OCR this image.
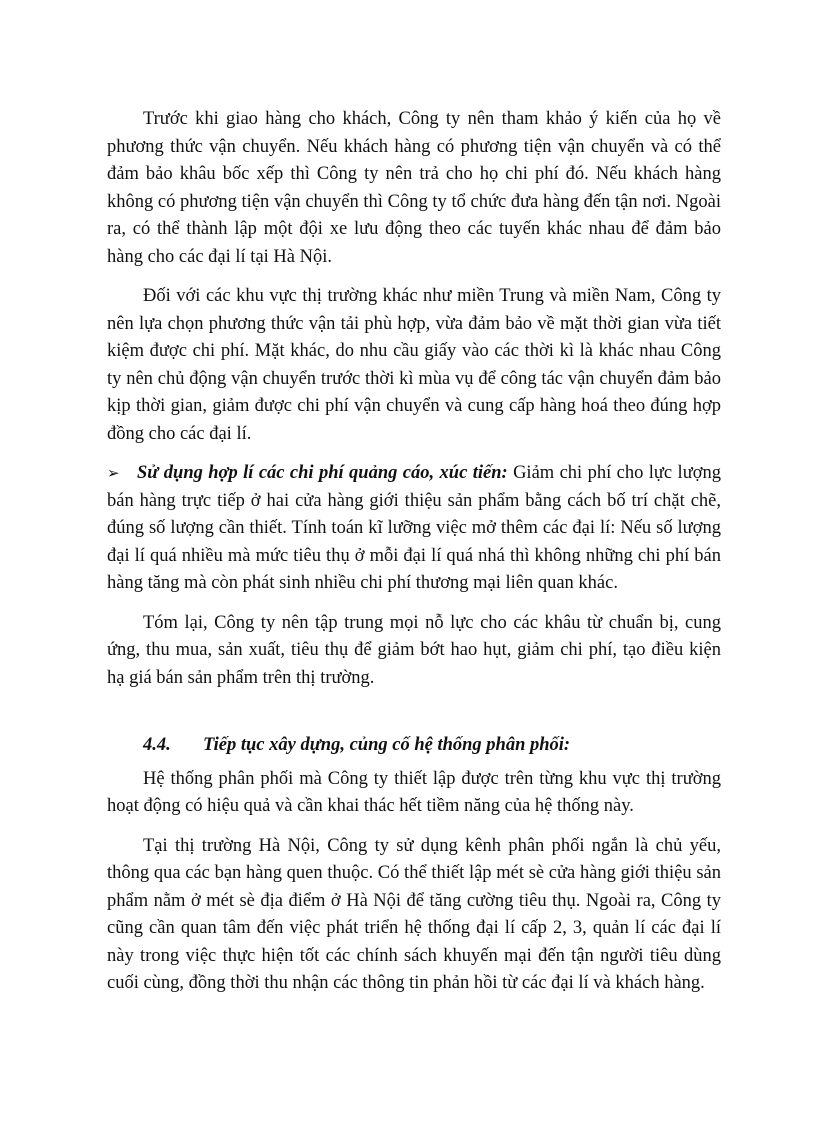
Trước khi giao hàng cho khách, Công ty nên tham khảo ý kiến của họ về phương thức vận chuyển. Nếu khách hàng có phương tiện vận chuyển và có thể đảm bảo khâu bốc xếp thì Công ty nên trả cho họ chi phí đó. Nếu khách hàng không có phương tiện vận chuyển thì Công ty tổ chức đưa hàng đến tận nơi. Ngoài ra, có thể thành lập một đội xe lưu động theo các tuyến khác nhau để đảm bảo hàng cho các đại lí tại Hà Nội.

Đối với các khu vực thị trường khác như miền Trung và miền Nam, Công ty nên lựa chọn phương thức vận tải phù hợp, vừa đảm bảo về mặt thời gian vừa tiết kiệm được chi phí. Mặt khác, do nhu cầu giấy vào các thời kì là khác nhau Công ty nên chủ động vận chuyển trước thời kì mùa vụ để công tác vận chuyển đảm bảo kịp thời gian, giảm được chi phí vận chuyển và cung cấp hàng hoá theo đúng hợp đồng cho các đại lí.

➢ Sử dụng hợp lí các chi phí quảng cáo, xúc tiến: Giảm chi phí cho lực lượng bán hàng trực tiếp ở hai cửa hàng giới thiệu sản phẩm bằng cách bố trí chặt chẽ, đúng số lượng cần thiết. Tính toán kĩ lưỡng việc mở thêm các đại lí: Nếu số lượng đại lí quá nhiều mà mức tiêu thụ ở mỗi đại lí quá nhá thì không những chi phí bán hàng tăng mà còn phát sinh nhiều chi phí thương mại liên quan khác.

Tóm lại, Công ty nên tập trung mọi nỗ lực cho các khâu từ chuẩn bị, cung ứng, thu mua, sản xuất, tiêu thụ để giảm bớt hao hụt, giảm chi phí, tạo điều kiện hạ giá bán sản phẩm trên thị trường.

4.4. Tiếp tục xây dựng, củng cố hệ thống phân phối:

Hệ thống phân phối mà Công ty thiết lập được trên từng khu vực thị trường hoạt động có hiệu quả và cần khai thác hết tiềm năng của hệ thống này.

Tại thị trường Hà Nội, Công ty sử dụng kênh phân phối ngắn là chủ yếu, thông qua các bạn hàng quen thuộc. Có thể thiết lập mét sè cửa hàng giới thiệu sản phẩm nằm ở mét sè địa điểm ở Hà Nội để tăng cường tiêu thụ. Ngoài ra, Công ty cũng cần quan tâm đến việc phát triển hệ thống đại lí cấp 2, 3, quản lí các đại lí này trong việc thực hiện tốt các chính sách khuyến mại đến tận người tiêu dùng cuối cùng, đồng thời thu nhận các thông tin phản hồi từ các đại lí và khách hàng.
